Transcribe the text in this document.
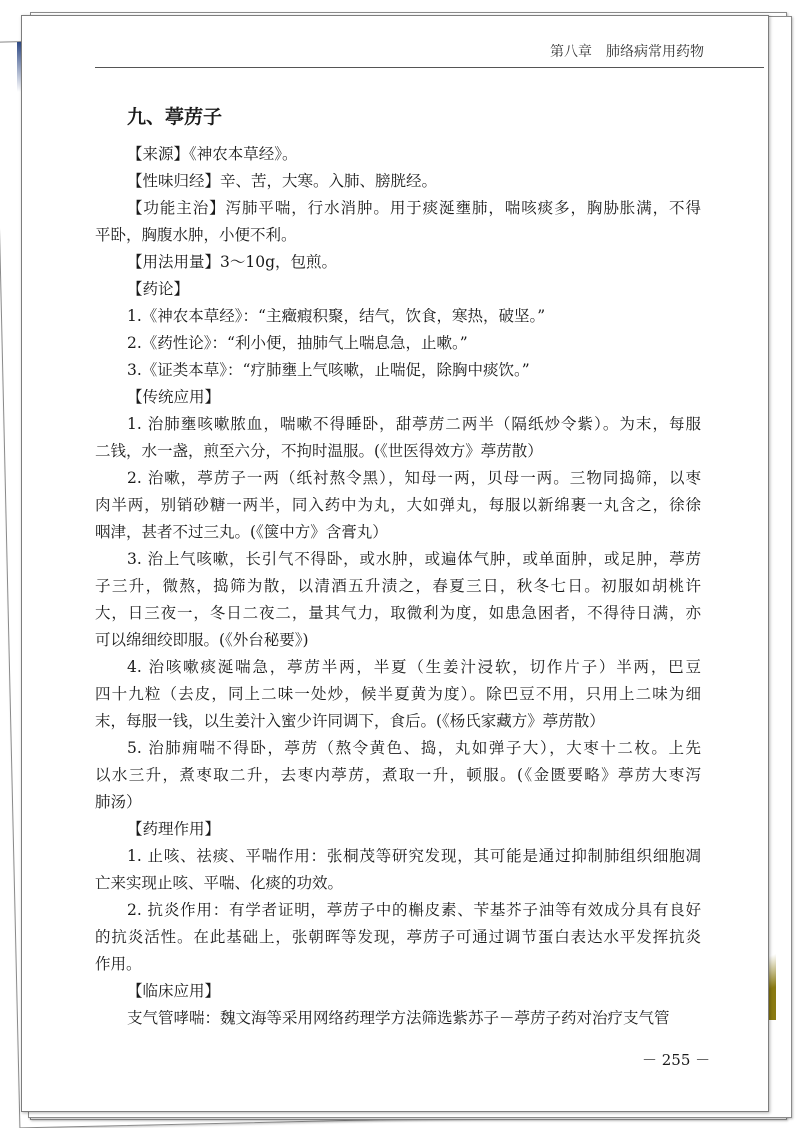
第八章　肺络病常用药物
九、葶苈子
【来源】《神农本草经》。
【性味归经】辛、苦，大寒。入肺、膀胱经。
【功能主治】泻肺平喘，行水消肿。用于痰涎壅肺，喘咳痰多，胸胁胀满，不得
平卧，胸腹水肿，小便不利。
【用法用量】3～10g，包煎。
【药论】
1.《神农本草经》：“主癥瘕积聚，结气，饮食，寒热，破坚。”
2.《药性论》：“利小便，抽肺气上喘息急，止嗽。”
3.《证类本草》：“疗肺壅上气咳嗽，止喘促，除胸中痰饮。”
【传统应用】
1. 治肺壅咳嗽脓血，喘嗽不得睡卧，甜葶苈二两半（隔纸炒令紫）。为末，每服
二钱，水一盏，煎至六分，不拘时温服。(《世医得效方》葶苈散）
2. 治嗽，葶苈子一两（纸衬熬令黑），知母一两，贝母一两。三物同捣筛，以枣
肉半两，别销砂糖一两半，同入药中为丸，大如弹丸，每服以新绵裹一丸含之，徐徐
咽津，甚者不过三丸。(《箧中方》含膏丸）
3. 治上气咳嗽，长引气不得卧，或水肿，或遍体气肿，或单面肿，或足肿，葶苈
子三升，微熬，捣筛为散，以清酒五升渍之，春夏三日，秋冬七日。初服如胡桃许
大，日三夜一，冬日二夜二，量其气力，取微利为度，如患急困者，不得待日满，亦
可以绵细绞即服。(《外台秘要》)
4. 治咳嗽痰涎喘急，葶苈半两，半夏（生姜汁浸软，切作片子）半两，巴豆
四十九粒（去皮，同上二味一处炒，候半夏黄为度）。除巴豆不用，只用上二味为细
末，每服一钱，以生姜汁入蜜少许同调下，食后。(《杨氏家藏方》葶苈散）
5. 治肺痈喘不得卧，葶苈（熬令黄色、捣，丸如弹子大），大枣十二枚。上先
以水三升，煮枣取二升，去枣内葶苈，煮取一升，顿服。(《金匮要略》葶苈大枣泻
肺汤）
【药理作用】
1. 止咳、祛痰、平喘作用：张桐茂等研究发现，其可能是通过抑制肺组织细胞凋
亡来实现止咳、平喘、化痰的功效。
2. 抗炎作用：有学者证明，葶苈子中的槲皮素、苄基芥子油等有效成分具有良好
的抗炎活性。在此基础上，张朝晖等发现，葶苈子可通过调节蛋白表达水平发挥抗炎
作用。
【临床应用】
支气管哮喘：魏文海等采用网络药理学方法筛选紫苏子－葶苈子药对治疗支气管
－ 255 －
